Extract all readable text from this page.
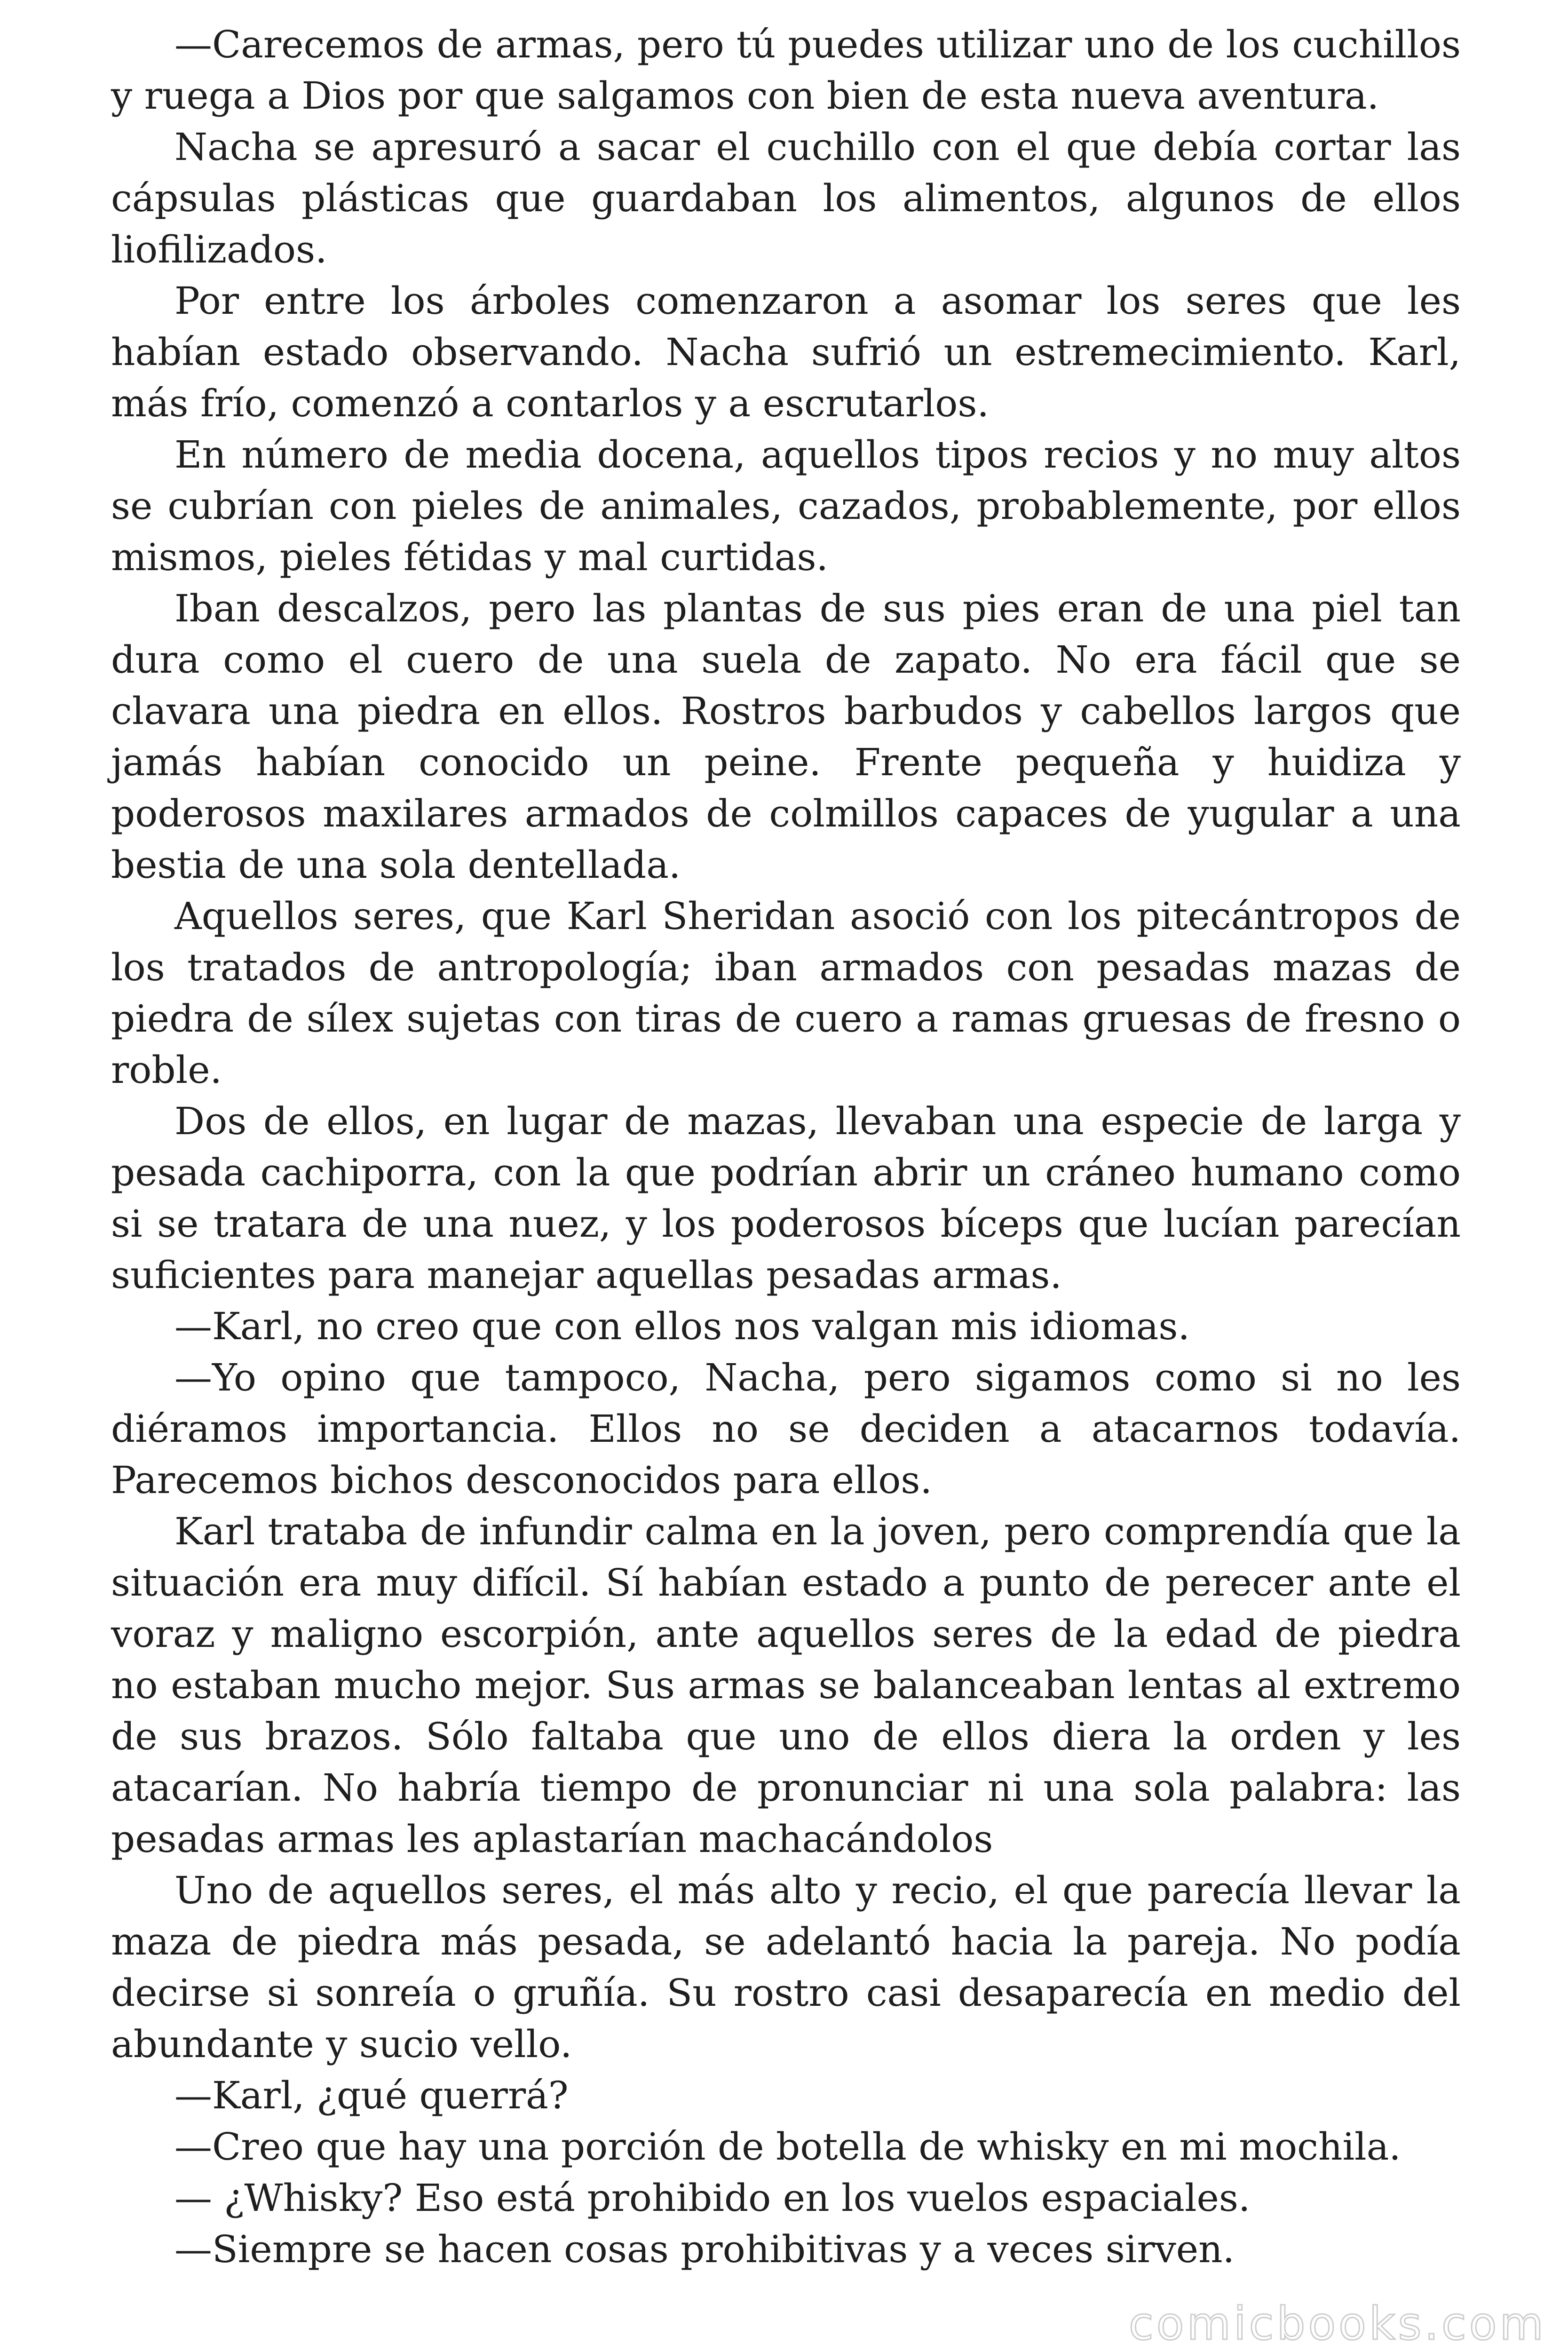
—Carecemos de armas, pero tú puedes utilizar uno de los cuchillos y ruega a Dios por que salgamos con bien de esta nueva aventura.

Nacha se apresuró a sacar el cuchillo con el que debía cortar las cápsulas plásticas que guardaban los alimentos, algunos de ellos liofilizados.

Por entre los árboles comenzaron a asomar los seres que les habían estado observando. Nacha sufrió un estremecimiento. Karl, más frío, comenzó a contarlos y a escrutarlos.

En número de media docena, aquellos tipos recios y no muy altos se cubrían con pieles de animales, cazados, probablemente, por ellos mismos, pieles fétidas y mal curtidas.

Iban descalzos, pero las plantas de sus pies eran de una piel tan dura como el cuero de una suela de zapato. No era fácil que se clavara una piedra en ellos. Rostros barbudos y cabellos largos que jamás habían conocido un peine. Frente pequeña y huidiza y poderosos maxilares armados de colmillos capaces de yugular a una bestia de una sola dentellada.

Aquellos seres, que Karl Sheridan asoció con los pitecántropos de los tratados de antropología; iban armados con pesadas mazas de piedra de sílex sujetas con tiras de cuero a ramas gruesas de fresno o roble.

Dos de ellos, en lugar de mazas, llevaban una especie de larga y pesada cachiporra, con la que podrían abrir un cráneo humano como si se tratara de una nuez, y los poderosos bíceps que lucían parecían suficientes para manejar aquellas pesadas armas.

—Karl, no creo que con ellos nos valgan mis idiomas.

—Yo opino que tampoco, Nacha, pero sigamos como si no les diéramos importancia. Ellos no se deciden a atacarnos todavía. Parecemos bichos desconocidos para ellos.

Karl trataba de infundir calma en la joven, pero comprendía que la situación era muy difícil. Sí habían estado a punto de perecer ante el voraz y maligno escorpión, ante aquellos seres de la edad de piedra no estaban mucho mejor. Sus armas se balanceaban lentas al extremo de sus brazos. Sólo faltaba que uno de ellos diera la orden y les atacarían. No habría tiempo de pronunciar ni una sola palabra: las pesadas armas les aplastarían machacándolos

Uno de aquellos seres, el más alto y recio, el que parecía llevar la maza de piedra más pesada, se adelantó hacia la pareja. No podía decirse si sonreía o gruñía. Su rostro casi desaparecía en medio del abundante y sucio vello.

—Karl, ¿qué querrá?

—Creo que hay una porción de botella de whisky en mi mochila.

— ¿Whisky? Eso está prohibido en los vuelos espaciales.

—Siempre se hacen cosas prohibitivas y a veces sirven.

comicbooks.com
